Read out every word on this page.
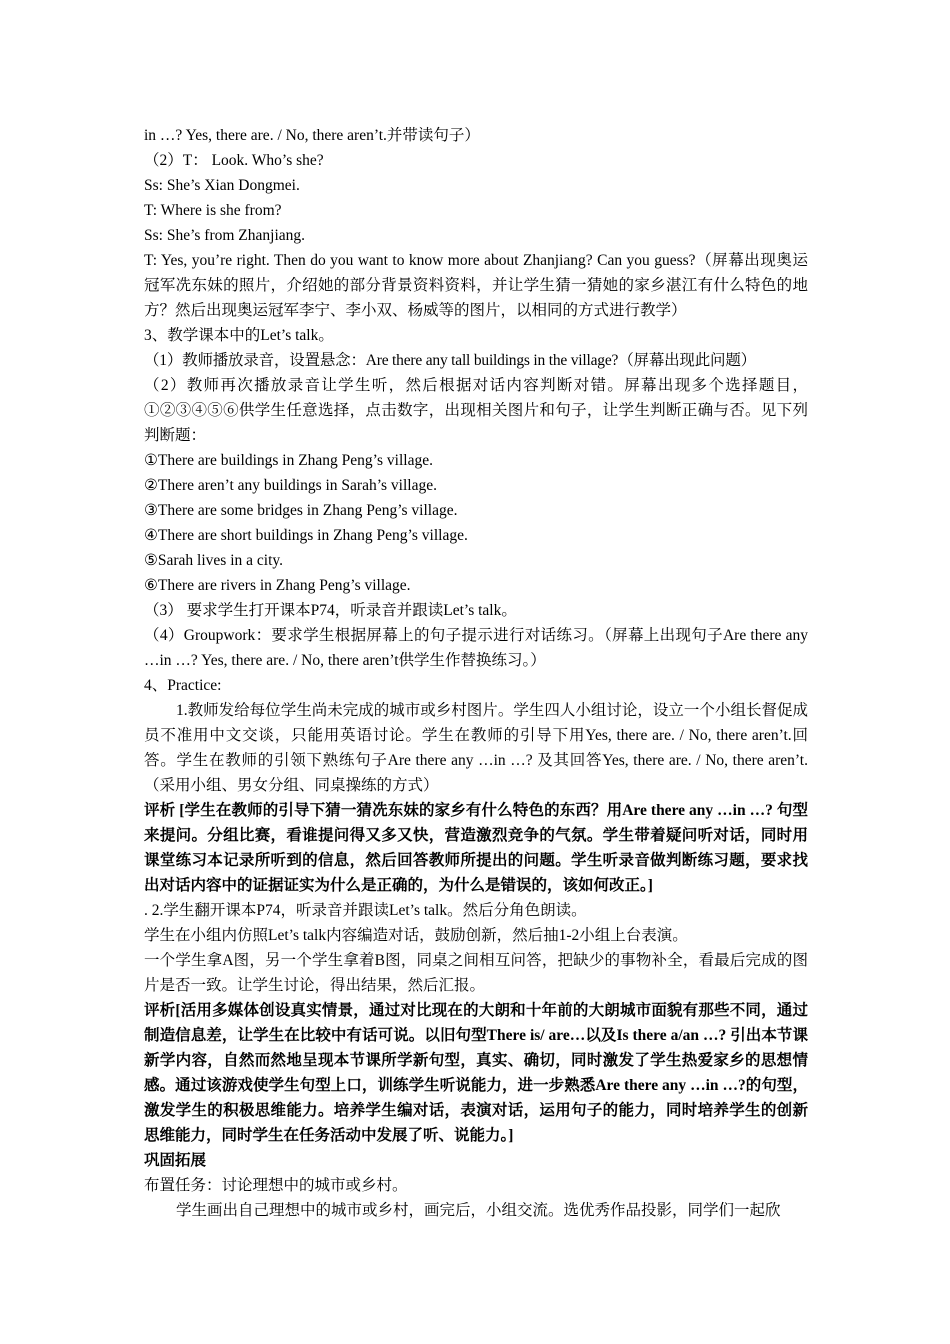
in …? Yes, there are. / No, there aren’t.并带读句子）
（2）T： Look. Who’s she?
Ss: She’s Xian Dongmei.
T: Where is she from?
Ss: She’s from Zhanjiang.
T: Yes, you’re right. Then do you want to know more about Zhanjiang? Can you guess?（屏幕出现奥运冠军冼东妹的照片，介绍她的部分背景资料资料，并让学生猜一猜她的家乡湛江有什么特色的地方？然后出现奥运冠军李宁、李小双、杨威等的图片，以相同的方式进行教学）
3、教学课本中的Let’s talk。
（1）教师播放录音，设置悬念：Are there any tall buildings in the village?（屏幕出现此问题）
（2）教师再次播放录音让学生听，然后根据对话内容判断对错。屏幕出现多个选择题目，①②③④⑤⑥供学生任意选择，点击数字，出现相关图片和句子，让学生判断正确与否。见下列判断题：
①There are buildings in Zhang Peng’s village.
②There aren’t any buildings in Sarah’s village.
③There are some bridges in Zhang Peng’s village.
④There are short buildings in Zhang Peng’s village.
⑤Sarah lives in a city.
⑥There are rivers in Zhang Peng’s village.
（3） 要求学生打开课本P74，听录音并跟读Let’s talk。
（4）Groupwork：要求学生根据屏幕上的句子提示进行对话练习。（屏幕上出现句子Are there any …in …? Yes, there are. / No, there aren’t供学生作替换练习。）
4、Practice:
1.教师发给每位学生尚未完成的城市或乡村图片。学生四人小组讨论，设立一个小组长督促成员不准用中文交谈，只能用英语讨论。学生在教师的引导下用Yes, there are. / No, there aren’t.回答。学生在教师的引领下熟练句子Are there any …in …? 及其回答Yes, there are. / No, there aren’t.（采用小组、男女分组、同桌操练的方式）
评析 [学生在教师的引导下猜一猜冼东妹的家乡有什么特色的东西？用Are there any …in …? 句型来提问。分组比赛，看谁提问得又多又快，营造激烈竞争的气氛。学生带着疑问听对话，同时用课堂练习本记录所听到的信息，然后回答教师所提出的问题。学生听录音做判断练习题，要求找出对话内容中的证据证实为什么是正确的，为什么是错误的，该如何改正。]
. 2.学生翻开课本P74，听录音并跟读Let’s talk。然后分角色朗读。
学生在小组内仿照Let’s talk内容编造对话，鼓励创新，然后抽1-2小组上台表演。
一个学生拿A图，另一个学生拿着B图，同桌之间相互问答，把缺少的事物补全，看最后完成的图片是否一致。让学生讨论，得出结果，然后汇报。
评析[活用多媒体创设真实情景，通过对比现在的大朗和十年前的大朗城市面貌有那些不同，通过制造信息差，让学生在比较中有话可说。以旧句型There is/ are…以及Is there a/an …? 引出本节课新学内容，自然而然地呈现本节课所学新句型，真实、确切，同时激发了学生热爱家乡的思想情感。通过该游戏使学生句型上口，训练学生听说能力，进一步熟悉Are there any …in …?的句型，激发学生的积极思维能力。培养学生编对话，表演对话，运用句子的能力，同时培养学生的创新思维能力，同时学生在任务活动中发展了听、说能力。]
巩固拓展
布置任务：讨论理想中的城市或乡村。
学生画出自己理想中的城市或乡村，画完后，小组交流。选优秀作品投影，同学们一起欣
